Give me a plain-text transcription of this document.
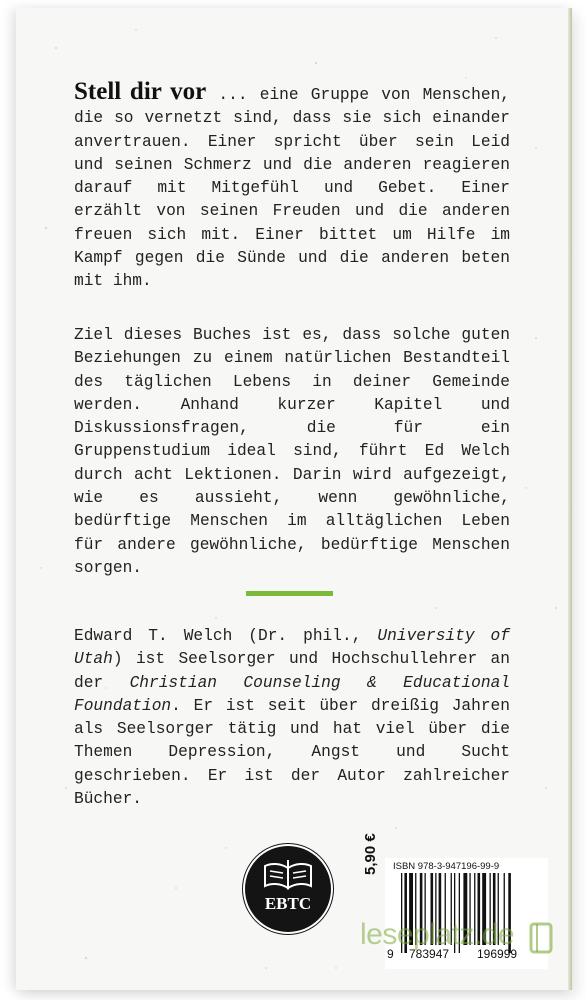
Stell dir vor ... eine Gruppe von Menschen, die so vernetzt sind, dass sie sich einander anvertrauen. Einer spricht über sein Leid und seinen Schmerz und die anderen reagieren darauf mit Mitgefühl und Gebet. Einer erzählt von seinen Freuden und die anderen freuen sich mit. Einer bittet um Hilfe im Kampf gegen die Sünde und die anderen beten mit ihm.
Ziel dieses Buches ist es, dass solche guten Beziehungen zu einem natürlichen Bestandteil des täglichen Lebens in deiner Gemeinde werden. Anhand kurzer Kapitel und Diskussionsfragen, die für ein Gruppenstudium ideal sind, führt Ed Welch durch acht Lektionen. Darin wird aufgezeigt, wie es aussieht, wenn gewöhnliche, bedürftige Menschen im alltäglichen Leben für andere gewöhnliche, bedürftige Menschen sorgen.
Edward T. Welch (Dr. phil., University of Utah) ist Seelsorger und Hochschullehrer an der Christian Counseling & Educational Foundation. Er ist seit über dreißig Jahren als Seelsorger tätig und hat viel über die Themen Depression, Angst und Sucht geschrieben. Er ist der Autor zahlreicher Bücher.
EBTC
5,90 € ISBN 978-3-947196-99-9
9 783947 196999
leseplatz.de
